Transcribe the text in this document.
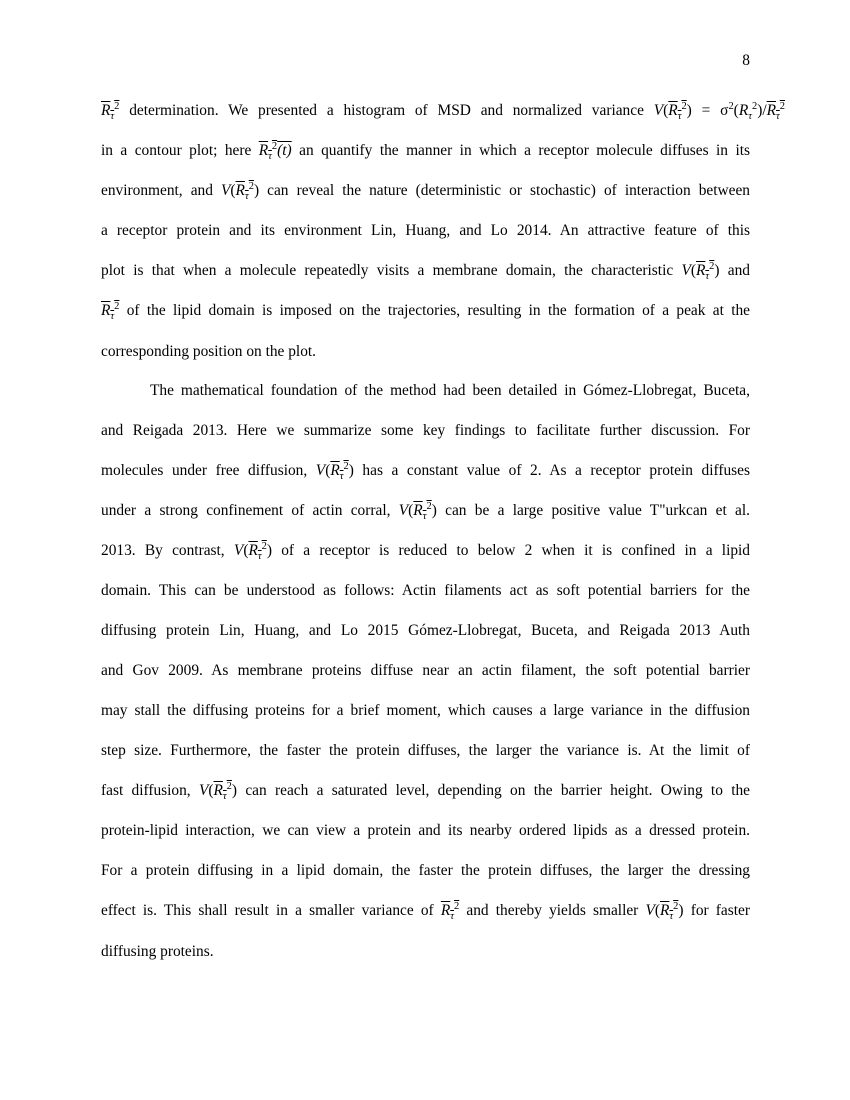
8
$\overline{R}_{\overline{\tau}}^2$ determination. We presented a histogram of MSD and normalized variance $V(\overline{R}_{\overline{\tau}}^2) = \sigma^2(R_\tau^2)/\overline{R}_{\overline{\tau}}^2$
in a contour plot; here $\overline{R}_{\overline{\tau}}^2(t)$ an quantify the manner in which a receptor molecule diffuses in its
environment, and $V(\overline{R}_{\overline{\tau}}^2)$ can reveal the nature (deterministic or stochastic) of interaction between
a receptor protein and its environment Lin, Huang, and Lo 2014. An attractive feature of this
plot is that when a molecule repeatedly visits a membrane domain, the characteristic $V(\overline{R}_{\overline{\tau}}^2)$ and
$\overline{R}_{\overline{\tau}}^2$ of the lipid domain is imposed on the trajectories, resulting in the formation of a peak at the
corresponding position on the plot.
The mathematical foundation of the method had been detailed in Gómez-Llobregat, Buceta,
and Reigada 2013. Here we summarize some key findings to facilitate further discussion. For
molecules under free diffusion, $V(\overline{R}_{\overline{\tau}}^2)$ has a constant value of 2. As a receptor protein diffuses
under a strong confinement of actin corral, $V(\overline{R}_{\overline{\tau}}^2)$ can be a large positive value T"urkcan et al.
2013. By contrast, $V(\overline{R}_{\overline{\tau}}^2)$ of a receptor is reduced to below 2 when it is confined in a lipid
domain. This can be understood as follows: Actin filaments act as soft potential barriers for the
diffusing protein Lin, Huang, and Lo 2015 Gómez-Llobregat, Buceta, and Reigada 2013 Auth
and Gov 2009. As membrane proteins diffuse near an actin filament, the soft potential barrier
may stall the diffusing proteins for a brief moment, which causes a large variance in the diffusion
step size. Furthermore, the faster the protein diffuses, the larger the variance is. At the limit of
fast diffusion, $V(\overline{R}_{\overline{\tau}}^2)$ can reach a saturated level, depending on the barrier height. Owing to the
protein-lipid interaction, we can view a protein and its nearby ordered lipids as a dressed protein.
For a protein diffusing in a lipid domain, the faster the protein diffuses, the larger the dressing
effect is. This shall result in a smaller variance of $\overline{R}_{\overline{\tau}}^2$ and thereby yields smaller $V(\overline{R}_{\overline{\tau}}^2)$ for faster
diffusing proteins.
